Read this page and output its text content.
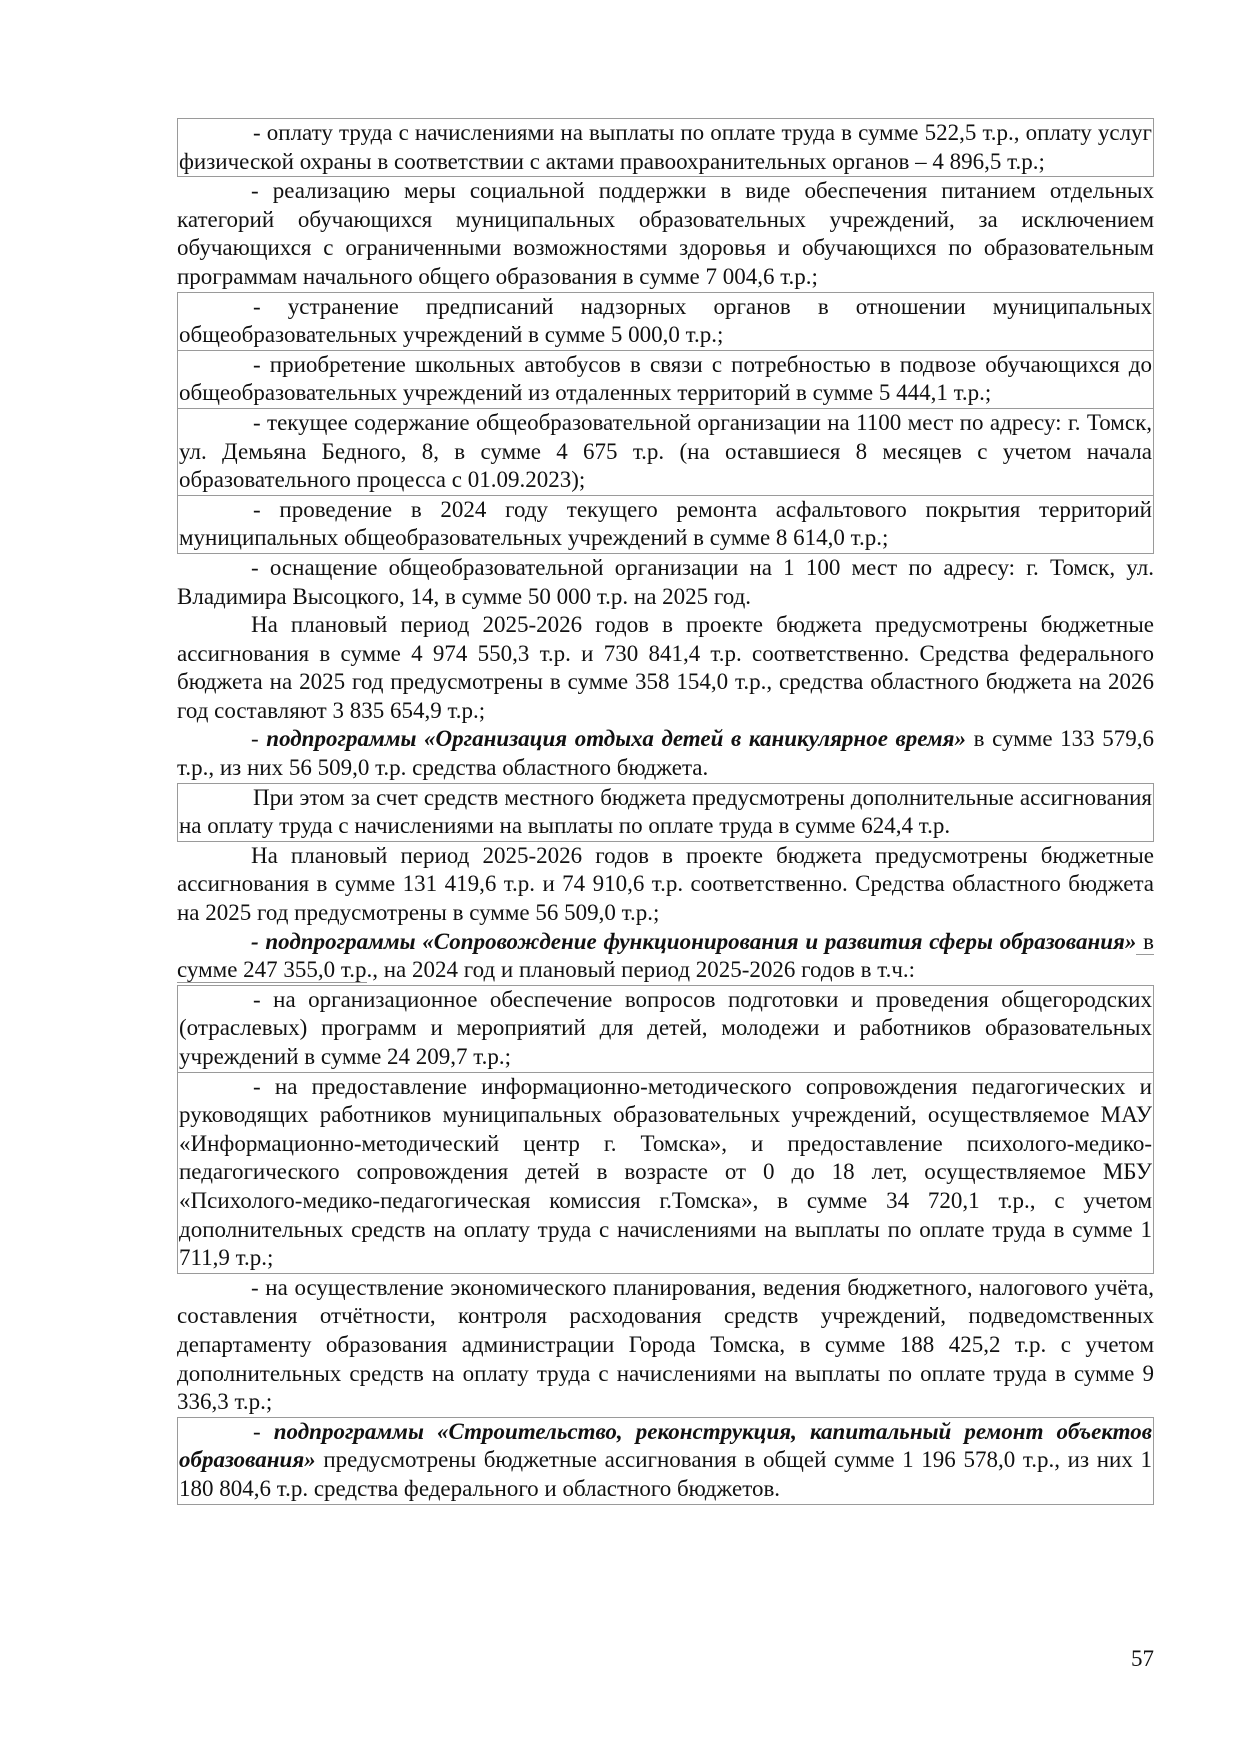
- оплату труда с начислениями на выплаты по оплате труда в сумме 522,5 т.р., оплату услуг физической охраны в соответствии с актами правоохранительных органов – 4 896,5 т.р.;

- реализацию меры социальной поддержки в виде обеспечения питанием отдельных категорий обучающихся муниципальных образовательных учреждений, за исключением обучающихся с ограниченными возможностями здоровья и обучающихся по образовательным программам начального общего образования в сумме 7 004,6 т.р.;

- устранение предписаний надзорных органов в отношении муниципальных общеобразовательных учреждений в сумме 5 000,0 т.р.;

- приобретение школьных автобусов в связи с потребностью в подвозе обучающихся до общеобразовательных учреждений из отдаленных территорий в сумме 5 444,1 т.р.;

- текущее содержание общеобразовательной организации на 1100 мест по адресу: г. Томск, ул. Демьяна Бедного, 8, в сумме 4 675 т.р. (на оставшиеся 8 месяцев с учетом начала образовательного процесса с 01.09.2023);

- проведение в 2024 году текущего ремонта асфальтового покрытия территорий муниципальных общеобразовательных учреждений в сумме 8 614,0 т.р.;

- оснащение общеобразовательной организации на 1 100 мест по адресу: г. Томск, ул. Владимира Высоцкого, 14, в сумме 50 000 т.р. на 2025 год.

На плановый период 2025-2026 годов в проекте бюджета предусмотрены бюджетные ассигнования в сумме 4 974 550,3 т.р. и 730 841,4 т.р. соответственно. Средства федерального бюджета на 2025 год предусмотрены в сумме 358 154,0 т.р., средства областного бюджета на 2026 год составляют 3 835 654,9 т.р.;

- подпрограммы «Организация отдыха детей в каникулярное время» в сумме 133 579,6 т.р., из них 56 509,0 т.р. средства областного бюджета.

При этом за счет средств местного бюджета предусмотрены дополнительные ассигнования на оплату труда с начислениями на выплаты по оплате труда в сумме 624,4 т.р.

На плановый период 2025-2026 годов в проекте бюджета предусмотрены бюджетные ассигнования в сумме 131 419,6 т.р. и 74 910,6 т.р. соответственно. Средства областного бюджета на 2025 год предусмотрены в сумме 56 509,0 т.р.;

- подпрограммы «Сопровождение функционирования и развития сферы образования» в сумме 247 355,0 т.р., на 2024 год и плановый период 2025-2026 годов в т.ч.:

- на организационное обеспечение вопросов подготовки и проведения общегородских (отраслевых) программ и мероприятий для детей, молодежи и работников образовательных учреждений в сумме 24 209,7 т.р.;

- на предоставление информационно-методического сопровождения педагогических и руководящих работников муниципальных образовательных учреждений, осуществляемое МАУ «Информационно-методический центр г. Томска», и предоставление психолого-медико-педагогического сопровождения детей в возрасте от 0 до 18 лет, осуществляемое МБУ «Психолого-медико-педагогическая комиссия г.Томска», в сумме 34 720,1 т.р., с учетом дополнительных средств на оплату труда с начислениями на выплаты по оплате труда в сумме 1 711,9 т.р.;

- на осуществление экономического планирования, ведения бюджетного, налогового учёта, составления отчётности, контроля расходования средств учреждений, подведомственных департаменту образования администрации Города Томска, в сумме 188 425,2 т.р. с учетом дополнительных средств на оплату труда с начислениями на выплаты по оплате труда в сумме 9 336,3 т.р.;

- подпрограммы «Строительство, реконструкция, капитальный ремонт объектов образования» предусмотрены бюджетные ассигнования в общей сумме 1 196 578,0 т.р., из них 1 180 804,6 т.р. средства федерального и областного бюджетов.

57
